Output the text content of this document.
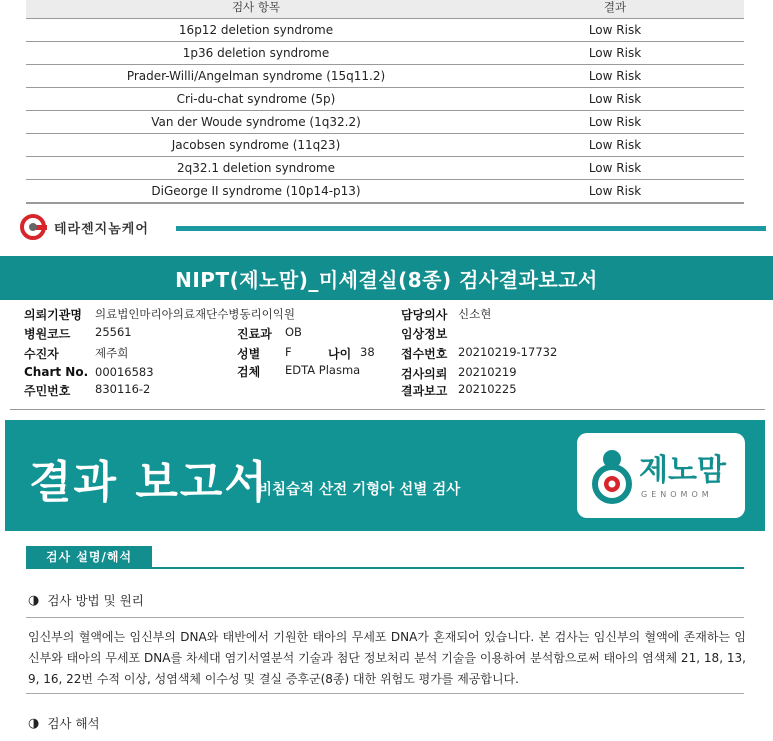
검사 항목	결과
16p12 deletion syndrome	Low Risk
1p36 deletion syndrome	Low Risk
Prader-Willi/Angelman syndrome (15q11.2)	Low Risk
Cri-du-chat syndrome (5p)	Low Risk
Van der Woude syndrome (1q32.2)	Low Risk
Jacobsen syndrome (11q23)	Low Risk
2q32.1 deletion syndrome	Low Risk
DiGeorge II syndrome (10p14-p13)	Low Risk
테라젠지놈케어
NIPT(제노맘)_미세결실(8종) 검사결과보고서
의뢰기관명 의료법인마리아의료재단수병동리이익원	담당의사 신소현
병원코드 25561	진료과 OB	임상정보
수진자	제주희	성별 F	나이 38 접수번호 20210219-17732
Chart No. 00016583	검체 EDTA Plasma	검사의뢰 20210219
주민번호 830116-2	결과보고 20210225
결과 보고서
비침습적 산전 기형아 선별 검사
제노맘
GENOMOM
검사 설명/해석
◑ 검사 방법 및 원리
임신부의 혈액에는 임신부의 DNA와 태반에서 기원한 태아의 무세포 DNA가 혼재되어 있습니다. 본 검사는 임신부의 혈액에 존재하는 임신부와 태아의 무세포 DNA를 차세대 염기서열분석 기술과 첨단 정보처리 분석 기술을 이용하여 분석함으로써 태아의 염색체 21, 18, 13, 9, 16, 22번 수적 이상, 성염색체 이수성 및 결실 증후군(8종) 대한 위험도 평가를 제공합니다.
◑ 검사 해석
